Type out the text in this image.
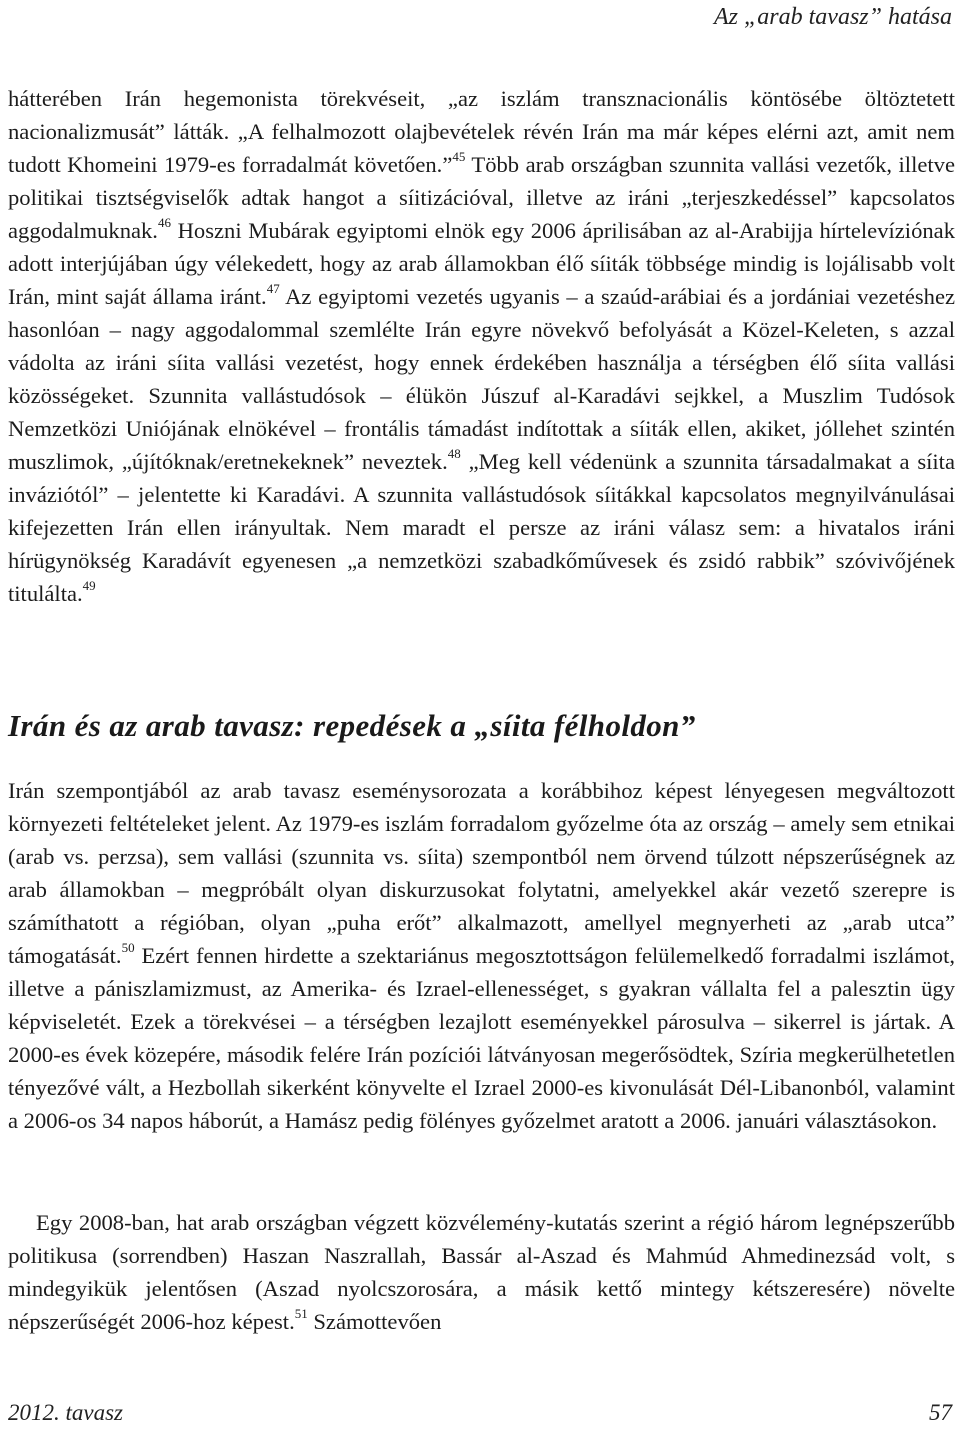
Az „arab tavasz” hatása

hátterében Irán hegemonista törekvéseit, „az iszlám transznacionális köntösébe öltöztetett nacionalizmusát” látták. „A felhalmozott olajbevételek révén Irán ma már képes elérni azt, amit nem tudott Khomeini 1979-es forradalmát követően.”$^{45}$ Több arab országban szunnita vallási vezetők, illetve politikai tisztségviselők adtak hangot a síitizációval, illetve az iráni „terjeszkedéssel” kapcsolatos aggodalmuknak.$^{46}$ Hoszni Mubárak egyiptomi elnök egy 2006 áprilisában az al-Arabijja hírtelevíziónak adott interjújában úgy vélekedett, hogy az arab államokban élő síiták többsége mindig is lojálisabb volt Irán, mint saját állama iránt.$^{47}$ Az egyiptomi vezetés ugyanis – a szaúd-arábiai és a jordániai vezetéshez hasonlóan – nagy aggodalommal szemlélte Irán egyre növekvő befolyását a Közel-Keleten, s azzal vádolta az iráni síita vallási vezetést, hogy ennek érdekében használja a térségben élő síita vallási közösségeket. Szunnita vallástudósok – élükön Júszuf al-Karadávi sejkkel, a Muszlim Tudósok Nemzetközi Uniójának elnökével – frontális támadást indítottak a síiták ellen, akiket, jóllehet szintén muszlimok, „újítóknak/eretnekeknek” neveztek.$^{48}$ „Meg kell védenünk a szunnita társadalmakat a síita inváziótól” – jelentette ki Karadávi. A szunnita vallástudósok síitákkal kapcsolatos megnyilvánulásai kifejezetten Irán ellen irányultak. Nem maradt el persze az iráni válasz sem: a hivatalos iráni hírügynökség Karadávít egyenesen „a nemzetközi szabadkőművesek és zsidó rabbik” szóvivőjének titulálta.$^{49}$

Irán és az arab tavasz: repedések a „síita félholdon”

Irán szempontjából az arab tavasz eseménysorozata a korábbihoz képest lényegesen megváltozott környezeti feltételeket jelent. Az 1979-es iszlám forradalom győzelme óta az ország – amely sem etnikai (arab vs. perzsa), sem vallási (szunnita vs. síita) szempontból nem örvend túlzott népszerűségnek az arab államokban – megpróbált olyan diskurzusokat folytatni, amelyekkel akár vezető szerepre is számíthatott a régióban, olyan „puha erőt” alkalmazott, amellyel megnyerheti az „arab utca” támogatását.$^{50}$ Ezért fennen hirdette a szektariánus megosztottságon felülemelkedő forradalmi iszlámot, illetve a pániszlamizmust, az Amerika- és Izrael-ellenességet, s gyakran vállalta fel a palesztin ügy képviseletét. Ezek a törekvései – a térségben lezajlott eseményekkel párosulva – sikerrel is jártak. A 2000-es évek közepére, második felére Irán pozíciói látványosan megerősödtek, Szíria megkerülhetetlen tényezővé vált, a Hezbollah sikerként könyvelte el Izrael 2000-es kivonulását Dél-Libanonból, valamint a 2006-os 34 napos háborút, a Hamász pedig fölényes győzelmet aratott a 2006. januári választásokon.

Egy 2008-ban, hat arab országban végzett közvélemény-kutatás szerint a régió három legnépszerűbb politikusa (sorrendben) Haszan Naszrallah, Bassár al-Aszad és Mahmúd Ahmedinezsád volt, s mindegyikük jelentősen (Aszad nyolcszorosára, a másik kettő mintegy kétszeresére) növelte népszerűségét 2006-hoz képest.$^{51}$ Számottevően

2012. tavasz	57
